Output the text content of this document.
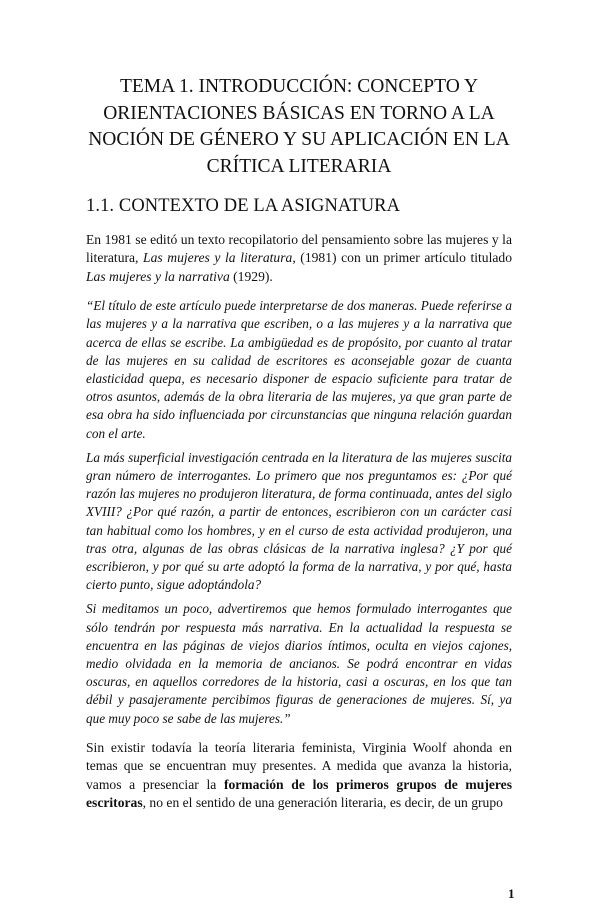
TEMA 1. INTRODUCCIÓN: CONCEPTO Y ORIENTACIONES BÁSICAS EN TORNO A LA NOCIÓN DE GÉNERO Y SU APLICACIÓN EN LA CRÍTICA LITERARIA
1.1. CONTEXTO DE LA ASIGNATURA

En 1981 se editó un texto recopilatorio del pensamiento sobre las mujeres y la literatura, Las mujeres y la literatura, (1981) con un primer artículo titulado Las mujeres y la narrativa (1929).

“El título de este artículo puede interpretarse de dos maneras. Puede referirse a las mujeres y a la narrativa que escriben, o a las mujeres y a la narrativa que acerca de ellas se escribe. La ambigüedad es de propósito, por cuanto al tratar de las mujeres en su calidad de escritores es aconsejable gozar de cuanta elasticidad quepa, es necesario disponer de espacio suficiente para tratar de otros asuntos, además de la obra literaria de las mujeres, ya que gran parte de esa obra ha sido influenciada por circunstancias que ninguna relación guardan con el arte.

La más superficial investigación centrada en la literatura de las mujeres suscita gran número de interrogantes. Lo primero que nos preguntamos es: ¿Por qué razón las mujeres no produjeron literatura, de forma continuada, antes del siglo XVIII? ¿Por qué razón, a partir de entonces, escribieron con un carácter casi tan habitual como los hombres, y en el curso de esta actividad produjeron, una tras otra, algunas de las obras clásicas de la narrativa inglesa? ¿Y por qué escribieron, y por qué su arte adoptó la forma de la narrativa, y por qué, hasta cierto punto, sigue adoptándola?

Si meditamos un poco, advertiremos que hemos formulado interrogantes que sólo tendrán por respuesta más narrativa. En la actualidad la respuesta se encuentra en las páginas de viejos diarios íntimos, oculta en viejos cajones, medio olvidada en la memoria de ancianos. Se podrá encontrar en vidas oscuras, en aquellos corredores de la historia, casi a oscuras, en los que tan débil y pasajeramente percibimos figuras de generaciones de mujeres. Sí, ya que muy poco se sabe de las mujeres.”

Sin existir todavía la teoría literaria feminista, Virginia Woolf ahonda en temas que se encuentran muy presentes. A medida que avanza la historia, vamos a presenciar la formación de los primeros grupos de mujeres escritoras, no en el sentido de una generación literaria, es decir, de un grupo

1
